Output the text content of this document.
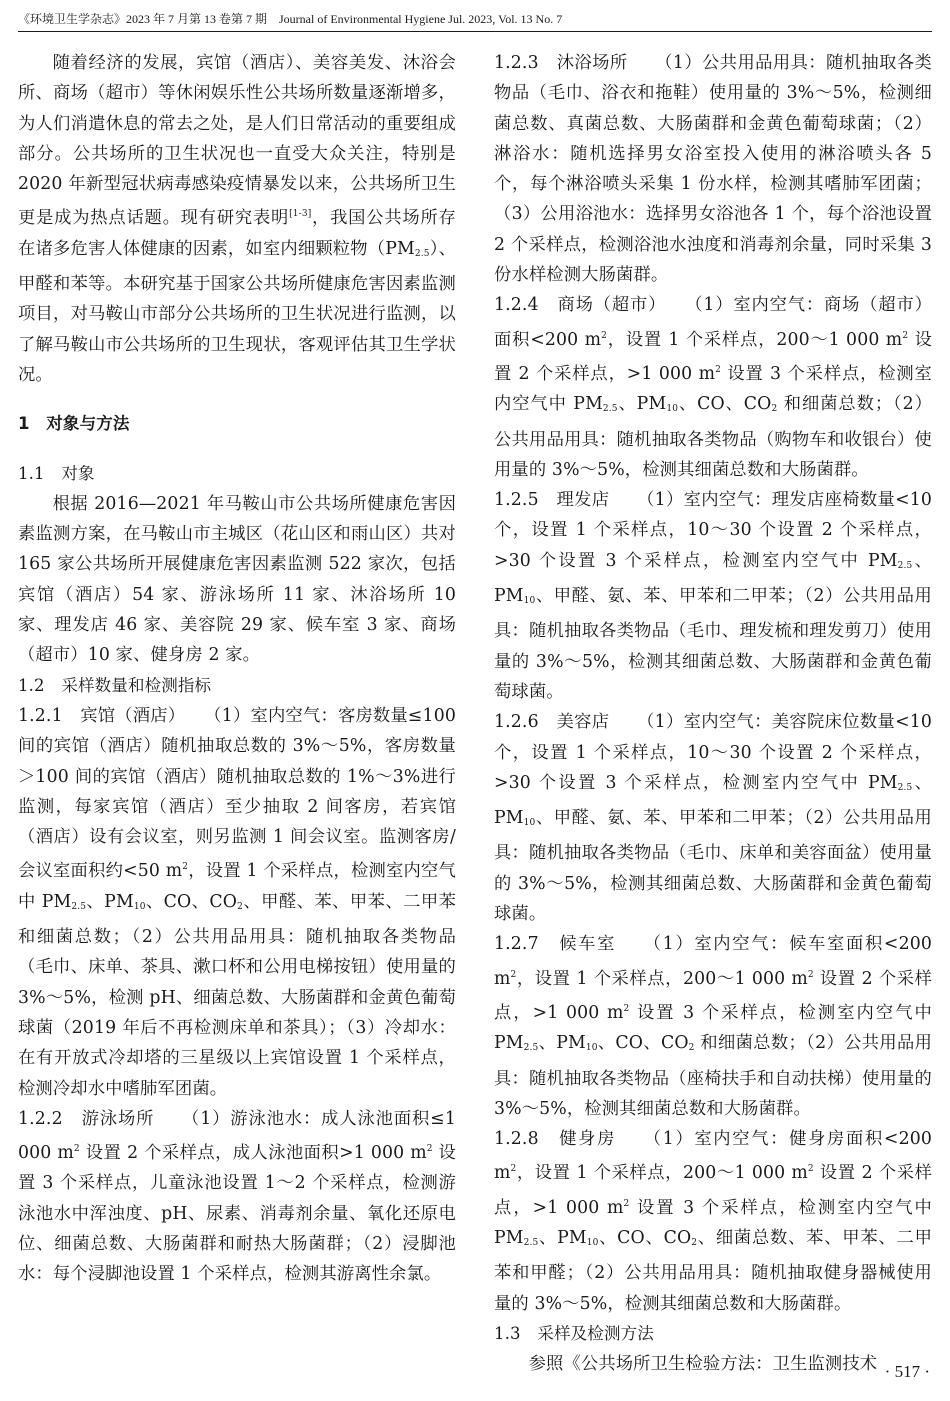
《环境卫生学杂志》2023 年 7 月第 13 卷第 7 期　Journal of Environmental Hygiene Jul. 2023, Vol. 13 No. 7

随着经济的发展，宾馆（酒店）、美容美发、沐浴会所、商场（超市）等休闲娱乐性公共场所数量逐渐增多，为人们消遣休息的常去之处，是人们日常活动的重要组成部分。公共场所的卫生状况也一直受大众关注，特别是 2020 年新型冠状病毒感染疫情暴发以来，公共场所卫生更是成为热点话题。现有研究表明[1-3]，我国公共场所存在诸多危害人体健康的因素，如室内细颗粒物$(PM_{2.5})$、甲醛和苯等。本研究基于国家公共场所健康危害因素监测项目，对马鞍山市部分公共场所的卫生状况进行监测，以了解马鞍山市公共场所的卫生现状，客观评估其卫生学状况。

1　对象与方法

1.1　对象

根据 2016—2021 年马鞍山市公共场所健康危害因素监测方案，在马鞍山市主城区（花山区和雨山区）共对 165 家公共场所开展健康危害因素监测 522 家次，包括宾馆（酒店）54 家、游泳场所 11 家、沐浴场所 10 家、理发店 46 家、美容院 29 家、候车室 3 家、商场（超市）10 家、健身房 2 家。

1.2　采样数量和检测指标

1.2.1　宾馆（酒店） （1）室内空气：客房数量≤100 间的宾馆（酒店）随机抽取总数的 3%～5%，客房数量＞100 间的宾馆（酒店）随机抽取总数的 1%～3%进行监测，每家宾馆（酒店）至少抽取 2 间客房，若宾馆（酒店）设有会议室，则另监测 1 间会议室。监测客房/会议室面积约<50 $m^2$，设置 1 个采样点，检测室内空气中 $PM_{2.5}$、$PM_{10}$、CO、$CO_2$、甲醛、苯、甲苯、二甲苯和细菌总数；（2）公共用品用具：随机抽取各类物品（毛巾、床单、茶具、漱口杯和公用电梯按钮）使用量的 3%～5%，检测 pH、细菌总数、大肠菌群和金黄色葡萄球菌（2019 年后不再检测床单和茶具）；（3）冷却水：在有开放式冷却塔的三星级以上宾馆设置 1 个采样点，检测冷却水中嗜肺军团菌。

1.2.2　游泳场所 （1）游泳池水：成人泳池面积≤1 000 $m^2$ 设置 2 个采样点，成人泳池面积>1 000 $m^2$ 设置 3 个采样点，儿童泳池设置 1～2 个采样点，检测游泳池水中浑浊度、pH、尿素、消毒剂余量、氧化还原电位、细菌总数、大肠菌群和耐热大肠菌群；（2）浸脚池水：每个浸脚池设置 1 个采样点，检测其游离性余氯。

1.2.3　沐浴场所 （1）公共用品用具：随机抽取各类物品（毛巾、浴衣和拖鞋）使用量的 3%～5%，检测细菌总数、真菌总数、大肠菌群和金黄色葡萄球菌；（2）淋浴水：随机选择男女浴室投入使用的淋浴喷头各 5 个，每个淋浴喷头采集 1 份水样，检测其嗜肺军团菌；（3）公用浴池水：选择男女浴池各 1 个，每个浴池设置 2 个采样点，检测浴池水浊度和消毒剂余量，同时采集 3 份水样检测大肠菌群。

1.2.4　商场（超市） （1）室内空气：商场（超市）面积<200 $m^2$，设置 1 个采样点，200～1 000 $m^2$ 设置 2 个采样点，>1 000 $m^2$ 设置 3 个采样点，检测室内空气中 $PM_{2.5}$、$PM_{10}$、CO、$CO_2$ 和细菌总数；（2）公共用品用具：随机抽取各类物品（购物车和收银台）使用量的 3%～5%，检测其细菌总数和大肠菌群。

1.2.5　理发店 （1）室内空气：理发店座椅数量<10 个，设置 1 个采样点，10～30 个设置 2 个采样点，>30 个设置 3 个采样点，检测室内空气中 $PM_{2.5}$、$PM_{10}$、甲醛、氨、苯、甲苯和二甲苯；（2）公共用品用具：随机抽取各类物品（毛巾、理发梳和理发剪刀）使用量的 3%～5%，检测其细菌总数、大肠菌群和金黄色葡萄球菌。

1.2.6　美容店 （1）室内空气：美容院床位数量<10 个，设置 1 个采样点，10～30 个设置 2 个采样点，>30 个设置 3 个采样点，检测室内空气中 $PM_{2.5}$、$PM_{10}$、甲醛、氨、苯、甲苯和二甲苯；（2）公共用品用具：随机抽取各类物品（毛巾、床单和美容面盆）使用量的 3%～5%，检测其细菌总数、大肠菌群和金黄色葡萄球菌。

1.2.7　候车室 （1）室内空气：候车室面积<200 $m^2$，设置 1 个采样点，200～1 000 $m^2$ 设置 2 个采样点，>1 000 $m^2$ 设置 3 个采样点，检测室内空气中 $PM_{2.5}$、$PM_{10}$、CO、$CO_2$ 和细菌总数；（2）公共用品用具：随机抽取各类物品（座椅扶手和自动扶梯）使用量的 3%～5%，检测其细菌总数和大肠菌群。

1.2.8　健身房 （1）室内空气：健身房面积<200 $m^2$，设置 1 个采样点，200～1 000 $m^2$ 设置 2 个采样点，>1 000 $m^2$ 设置 3 个采样点，检测室内空气中 $PM_{2.5}$、$PM_{10}$、CO、$CO_2$、细菌总数、苯、甲苯、二甲苯和甲醛；（2）公共用品用具：随机抽取健身器械使用量的 3%～5%，检测其细菌总数和大肠菌群。

1.3　采样及检测方法

参照《公共场所卫生检验方法：卫生监测技术 · 517 ·
